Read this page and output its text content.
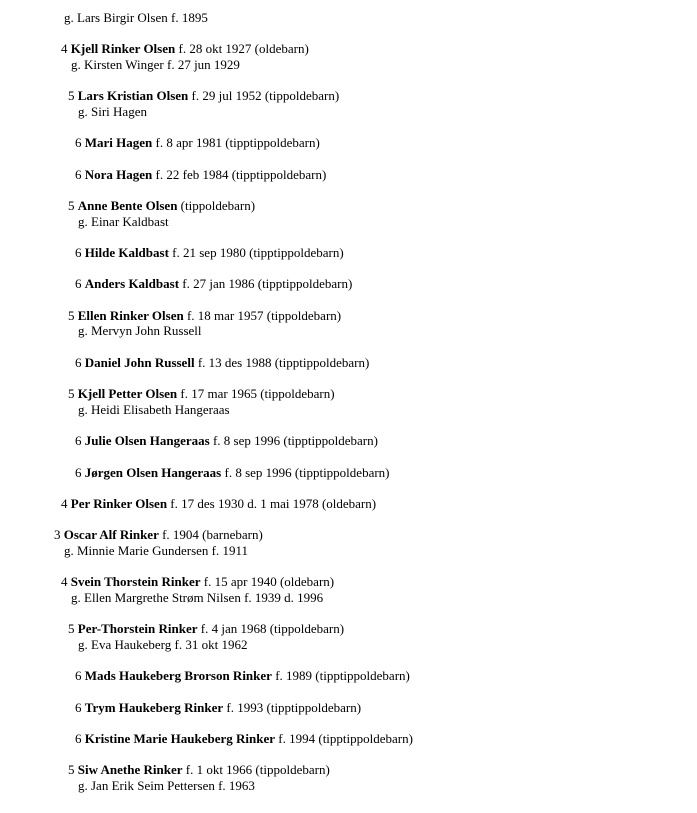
g. Lars Birgir Olsen f. 1895
4 Kjell Rinker Olsen f. 28 okt 1927 (oldebarn)
g. Kirsten Winger f. 27 jun 1929
5 Lars Kristian Olsen f. 29 jul 1952 (tippoldebarn)
g. Siri Hagen
6 Mari Hagen f. 8 apr 1981 (tipptippoldebarn)
6 Nora Hagen f. 22 feb 1984 (tipptippoldebarn)
5 Anne Bente Olsen (tippoldebarn)
g. Einar Kaldbast
6 Hilde Kaldbast f. 21 sep 1980 (tipptippoldebarn)
6 Anders Kaldbast f. 27 jan 1986 (tipptippoldebarn)
5 Ellen Rinker Olsen f. 18 mar 1957 (tippoldebarn)
g. Mervyn John Russell
6 Daniel John Russell f. 13 des 1988 (tipptippoldebarn)
5 Kjell Petter Olsen f. 17 mar 1965 (tippoldebarn)
g. Heidi Elisabeth Hangeraas
6 Julie Olsen Hangeraas f. 8 sep 1996 (tipptippoldebarn)
6 Jørgen Olsen Hangeraas f. 8 sep 1996 (tipptippoldebarn)
4 Per Rinker Olsen f. 17 des 1930 d. 1 mai 1978 (oldebarn)
3 Oscar Alf Rinker f. 1904 (barnebarn)
g. Minnie Marie Gundersen f. 1911
4 Svein Thorstein Rinker f. 15 apr 1940 (oldebarn)
g. Ellen Margrethe Strøm Nilsen f. 1939 d. 1996
5 Per-Thorstein Rinker f. 4 jan 1968 (tippoldebarn)
g. Eva Haukeberg f. 31 okt 1962
6 Mads Haukeberg Brorson Rinker f. 1989 (tipptippoldebarn)
6 Trym Haukeberg Rinker f. 1993 (tipptippoldebarn)
6 Kristine Marie Haukeberg Rinker f. 1994 (tipptippoldebarn)
5 Siw Anethe Rinker f. 1 okt 1966 (tippoldebarn)
g. Jan Erik Seim Pettersen f. 1963
